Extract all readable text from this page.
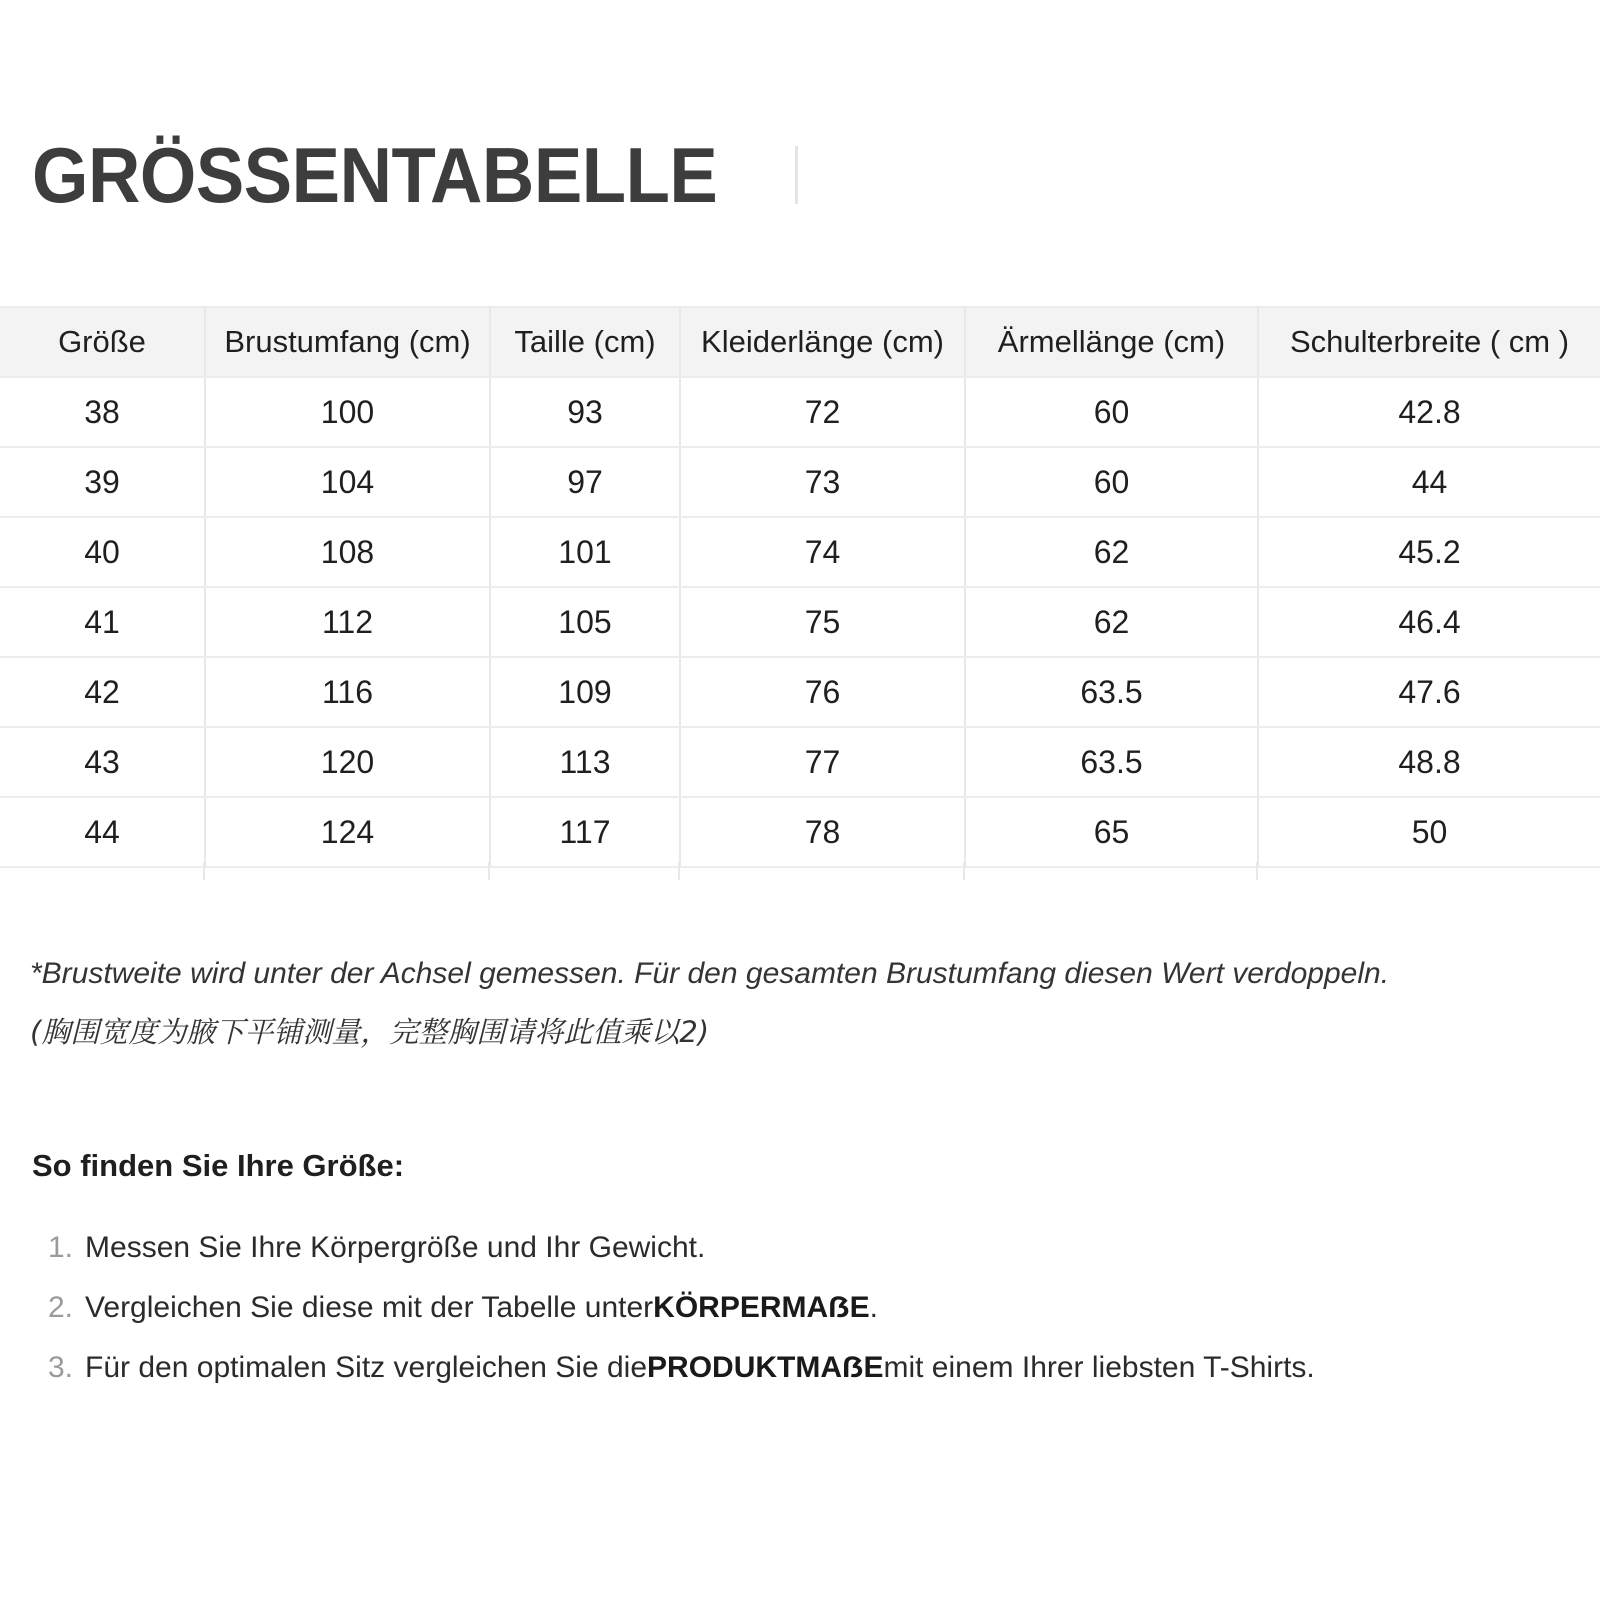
GRÖSSENTABELLE
Größe	Brustumfang (cm)	Taille (cm)	Kleiderlänge (cm)	Ärmellänge (cm)	Schulterbreite ( cm )
38	100	93	72	60	42.8
39	104	97	73	60	44
40	108	101	74	62	45.2
41	112	105	75	62	46.4
42	116	109	76	63.5	47.6
43	120	113	77	63.5	48.8
44	124	117	78	65	50

*Brustweite wird unter der Achsel gemessen. Für den gesamten Brustumfang diesen Wert verdoppeln.

(胸围宽度为腋下平铺测量，完整胸围请将此值乘以2)

So finden Sie Ihre Größe:
1. Messen Sie Ihre Körpergröße und Ihr Gewicht.
2. Vergleichen Sie diese mit der Tabelle unter KÖRPERMAẞE .
3. Für den optimalen Sitz vergleichen Sie die PRODUKTMAẞE mit einem Ihrer liebsten T-Shirts.
